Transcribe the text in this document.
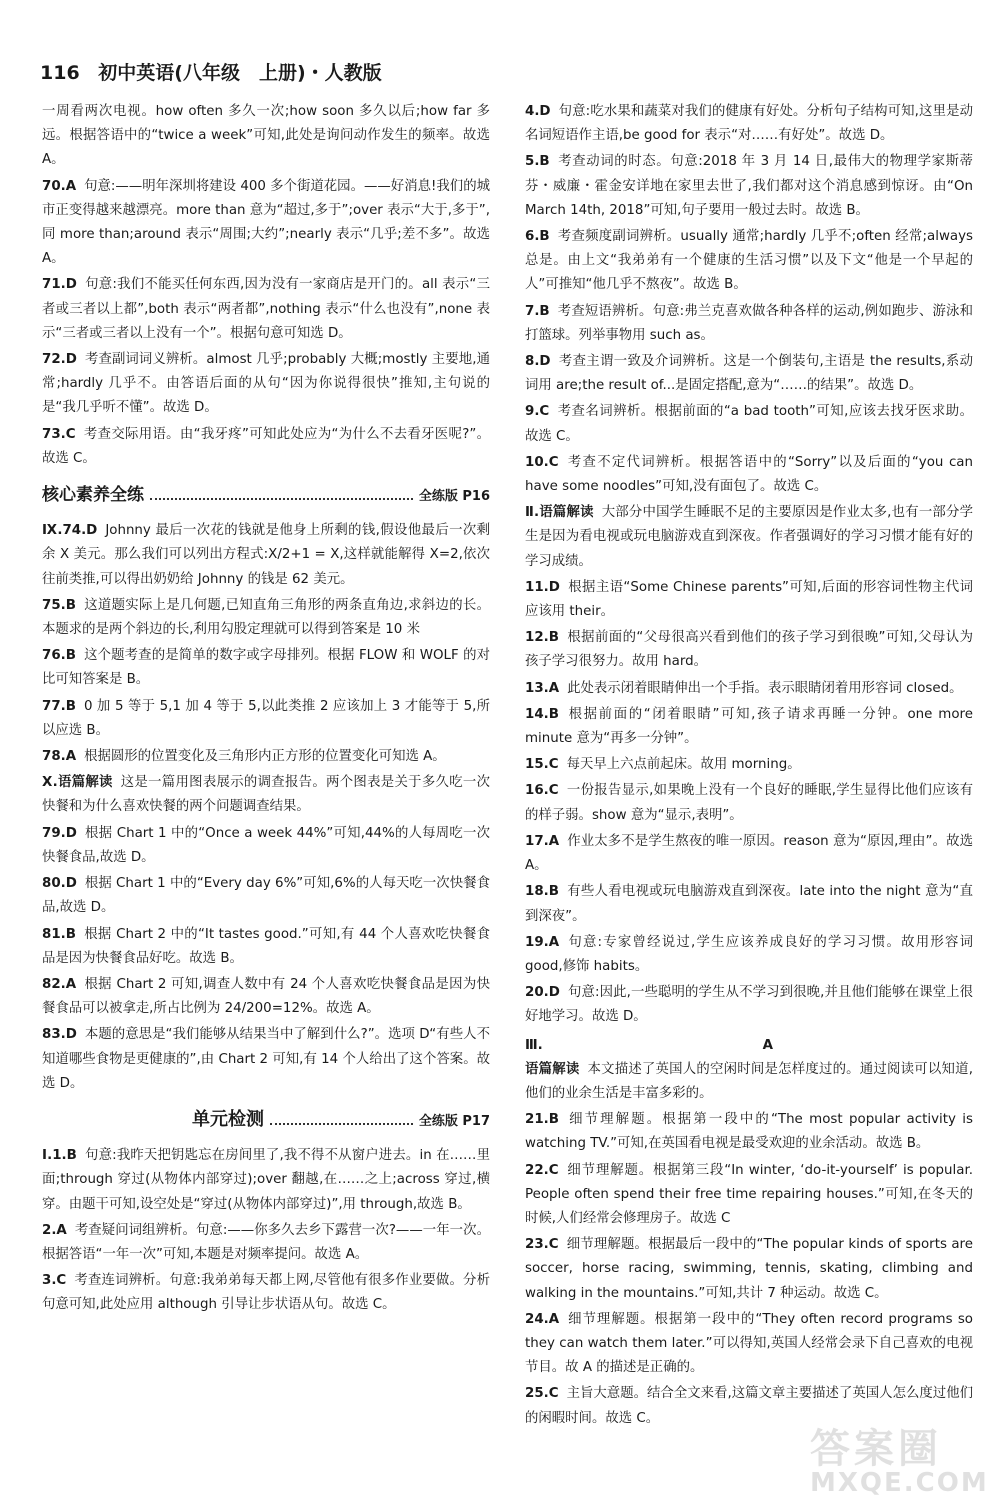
116 初中英语(八年级　上册)・人教版
一周看两次电视。how often 多久一次;how soon 多久以后;how far 多远。根据答语中的“twice a week”可知,此处是询问动作发生的频率。故选 A。
70.A 句意:——明年深圳将建设 400 多个街道花园。——好消息!我们的城市正变得越来越漂亮。more than 意为“超过,多于”;over 表示“大于,多于”,同 more than;around 表示“周围;大约”;nearly 表示“几乎;差不多”。故选 A。
71.D 句意:我们不能买任何东西,因为没有一家商店是开门的。all 表示“三者或三者以上都”,both 表示“两者都”,nothing 表示“什么也没有”,none 表示“三者或三者以上没有一个”。根据句意可知选 D。
72.D 考查副词词义辨析。almost 几乎;probably 大概;mostly 主要地,通常;hardly 几乎不。由答语后面的从句“因为你说得很快”推知,主句说的是“我几乎听不懂”。故选 D。
73.C 考查交际用语。由“我牙疼”可知此处应为“为什么不去看牙医呢?”。故选 C。
核心素养全练	全练版 P16
Ⅸ.74.D Johnny 最后一次花的钱就是他身上所剩的钱,假设他最后一次剩余 X 美元。那么我们可以列出方程式:X/2+1 = X,这样就能解得 X=2,依次往前类推,可以得出奶奶给 Johnny 的钱是 62 美元。
75.B 这道题实际上是几何题,已知直角三角形的两条直角边,求斜边的长。本题求的是两个斜边的长,利用勾股定理就可以得到答案是 10 米
76.B 这个题考查的是简单的数字或字母排列。根据 FLOW 和 WOLF 的对比可知答案是 B。
77.B 0 加 5 等于 5,1 加 4 等于 5,以此类推 2 应该加上 3 才能等于 5,所以应选 B。
78.A 根据圆形的位置变化及三角形内正方形的位置变化可知选 A。
Ⅹ.语篇解读 这是一篇用图表展示的调查报告。两个图表是关于多久吃一次快餐和为什么喜欢快餐的两个问题调查结果。
79.D 根据 Chart 1 中的“Once a week 44%”可知,44%的人每周吃一次快餐食品,故选 D。
80.D 根据 Chart 1 中的“Every day 6%”可知,6%的人每天吃一次快餐食品,故选 D。
81.B 根据 Chart 2 中的“It tastes good.”可知,有 44 个人喜欢吃快餐食品是因为快餐食品好吃。故选 B。
82.A 根据 Chart 2 可知,调查人数中有 24 个人喜欢吃快餐食品是因为快餐食品可以被拿走,所占比例为 24/200=12%。故选 A。
83.D 本题的意思是“我们能够从结果当中了解到什么?”。选项 D“有些人不知道哪些食物是更健康的”,由 Chart 2 可知,有 14 个人给出了这个答案。故选 D。
单元检测	全练版 P17
Ⅰ.1.B 句意:我昨天把钥匙忘在房间里了,我不得不从窗户进去。in 在……里面;through 穿过(从物体内部穿过);over 翻越,在……之上;across 穿过,横穿。由题干可知,设空处是“穿过(从物体内部穿过)”,用 through,故选 B。
2.A 考查疑问词组辨析。句意:——你多久去乡下露营一次?——一年一次。根据答语“一年一次”可知,本题是对频率提问。故选 A。
3.C 考查连词辨析。句意:我弟弟每天都上网,尽管他有很多作业要做。分析句意可知,此处应用 although 引导让步状语从句。故选 C。
4.D 句意:吃水果和蔬菜对我们的健康有好处。分析句子结构可知,这里是动名词短语作主语,be good for 表示“对……有好处”。故选 D。
5.B 考查动词的时态。句意:2018 年 3 月 14 日,最伟大的物理学家斯蒂芬・威廉・霍金安详地在家里去世了,我们都对这个消息感到惊讶。由“On March 14th, 2018”可知,句子要用一般过去时。故选 B。
6.B 考查频度副词辨析。usually 通常;hardly 几乎不;often 经常;always 总是。由上文“我弟弟有一个健康的生活习惯”以及下文“他是一个早起的人”可推知“他几乎不熬夜”。故选 B。
7.B 考查短语辨析。句意:弗兰克喜欢做各种各样的运动,例如跑步、游泳和打篮球。列举事物用 such as。
8.D 考查主谓一致及介词辨析。这是一个倒装句,主语是 the results,系动词用 are;the result of...是固定搭配,意为“……的结果”。故选 D。
9.C 考查名词辨析。根据前面的“a bad tooth”可知,应该去找牙医求助。故选 C。
10.C 考查不定代词辨析。根据答语中的“Sorry”以及后面的“you can have some noodles”可知,没有面包了。故选 C。
Ⅱ.语篇解读 大部分中国学生睡眠不足的主要原因是作业太多,也有一部分学生是因为看电视或玩电脑游戏直到深夜。作者强调好的学习习惯才能有好的学习成绩。
11.D 根据主语“Some Chinese parents”可知,后面的形容词性物主代词应该用 their。
12.B 根据前面的“父母很高兴看到他们的孩子学习到很晚”可知,父母认为孩子学习很努力。故用 hard。
13.A 此处表示闭着眼睛伸出一个手指。表示眼睛闭着用形容词 closed。
14.B 根据前面的“闭着眼睛”可知,孩子请求再睡一分钟。one more minute 意为“再多一分钟”。
15.C 每天早上六点前起床。故用 morning。
16.C 一份报告显示,如果晚上没有一个良好的睡眠,学生显得比他们应该有的样子弱。show 意为“显示,表明”。
17.A 作业太多不是学生熬夜的唯一原因。reason 意为“原因,理由”。故选 A。
18.B 有些人看电视或玩电脑游戏直到深夜。late into the night 意为“直到深夜”。
19.A 句意:专家曾经说过,学生应该养成良好的学习习惯。故用形容词 good,修饰 habits。
20.D 句意:因此,一些聪明的学生从不学习到很晚,并且他们能够在课堂上很好地学习。故选 D。
Ⅲ.	A
语篇解读 本文描述了英国人的空闲时间是怎样度过的。通过阅读可以知道,他们的业余生活是丰富多彩的。
21.B 细节理解题。根据第一段中的“The most popular activity is watching TV.”可知,在英国看电视是最受欢迎的业余活动。故选 B。
22.C 细节理解题。根据第三段“In winter, ‘do-it-yourself’ is popular. People often spend their free time repairing houses.”可知,在冬天的时候,人们经常会修理房子。故选 C
23.C 细节理解题。根据最后一段中的“The popular kinds of sports are soccer, horse racing, swimming, tennis, skating, climbing and walking in the mountains.”可知,共计 7 种运动。故选 C。
24.A 细节理解题。根据第一段中的“They often record programs so they can watch them later.”可以得知,英国人经常会录下自己喜欢的电视节目。故 A 的描述是正确的。
25.C 主旨大意题。结合全文来看,这篇文章主要描述了英国人怎么度过他们的闲暇时间。故选 C。
答案圈
MXQE.COM
